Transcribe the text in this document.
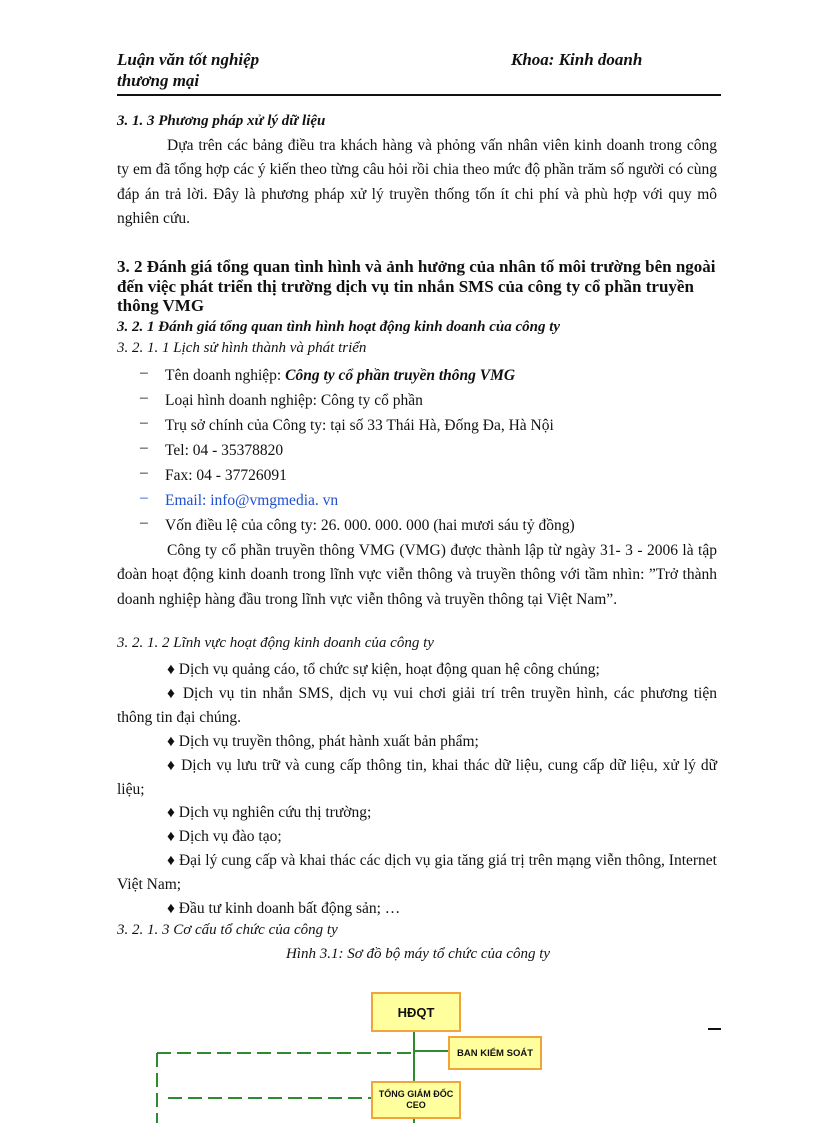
Luận văn tốt nghiệp
thương mại
Khoa: Kinh doanh
3. 1. 3 Phương pháp xử lý dữ liệu
Dựa trên các bảng điều tra khách hàng và phỏng vấn nhân viên kinh doanh trong công ty em đã tổng hợp các ý kiến theo từng câu hỏi rồi chia theo mức độ phần trăm số người có cùng đáp án trả lời. Đây là phương pháp xử lý truyền thống tốn ít chi phí và phù hợp với quy mô nghiên cứu.
3. 2 Đánh giá tổng quan tình hình và ảnh hưởng của nhân tố môi trường bên ngoài đến việc phát triển thị trường dịch vụ tin nhắn SMS của công ty cổ phần truyền thông VMG
3. 2. 1 Đánh giá tổng quan tình hình hoạt động kinh doanh của công ty
3. 2. 1. 1 Lịch sử hình thành và phát triển
– Tên doanh nghiệp: Công ty cổ phần truyền thông VMG
– Loại hình doanh nghiệp: Công ty cổ phần
– Trụ sở chính của Công ty: tại số 33 Thái Hà, Đống Đa, Hà Nội
– Tel: 04 - 35378820
– Fax: 04 - 37726091
– Email: info@vmgmedia. vn
– Vốn điều lệ của công ty: 26. 000. 000. 000 (hai mươi sáu tỷ đồng)
Công ty cổ phần truyền thông VMG (VMG) được thành lập từ ngày 31- 3 - 2006 là tập đoàn hoạt động kinh doanh trong lĩnh vực viễn thông và truyền thông với tầm nhìn: ”Trở thành doanh nghiệp hàng đầu trong lĩnh vực viễn thông và truyền thông tại Việt Nam”.
3. 2. 1. 2 Lĩnh vực hoạt động kinh doanh của công ty
♦ Dịch vụ quảng cáo, tổ chức sự kiện, hoạt động quan hệ công chúng;
♦ Dịch vụ tin nhắn SMS, dịch vụ vui chơi giải trí trên truyền hình, các phương tiện thông tin đại chúng.
♦ Dịch vụ truyền thông, phát hành xuất bản phẩm;
♦ Dịch vụ lưu trữ và cung cấp thông tin, khai thác dữ liệu, cung cấp dữ liệu, xử lý dữ liệu;
♦ Dịch vụ nghiên cứu thị trường;
♦ Dịch vụ đào tạo;
♦ Đại lý cung cấp và khai thác các dịch vụ gia tăng giá trị trên mạng viễn thông, Internet Việt Nam;
♦ Đầu tư kinh doanh bất động sản; …
3. 2. 1. 3 Cơ cấu tổ chức của công ty
Hình 3.1: Sơ đồ bộ máy tổ chức của công ty
HĐQT
BAN KIỂM SOÁT
TỔNG GIÁM ĐỐC
CEO
